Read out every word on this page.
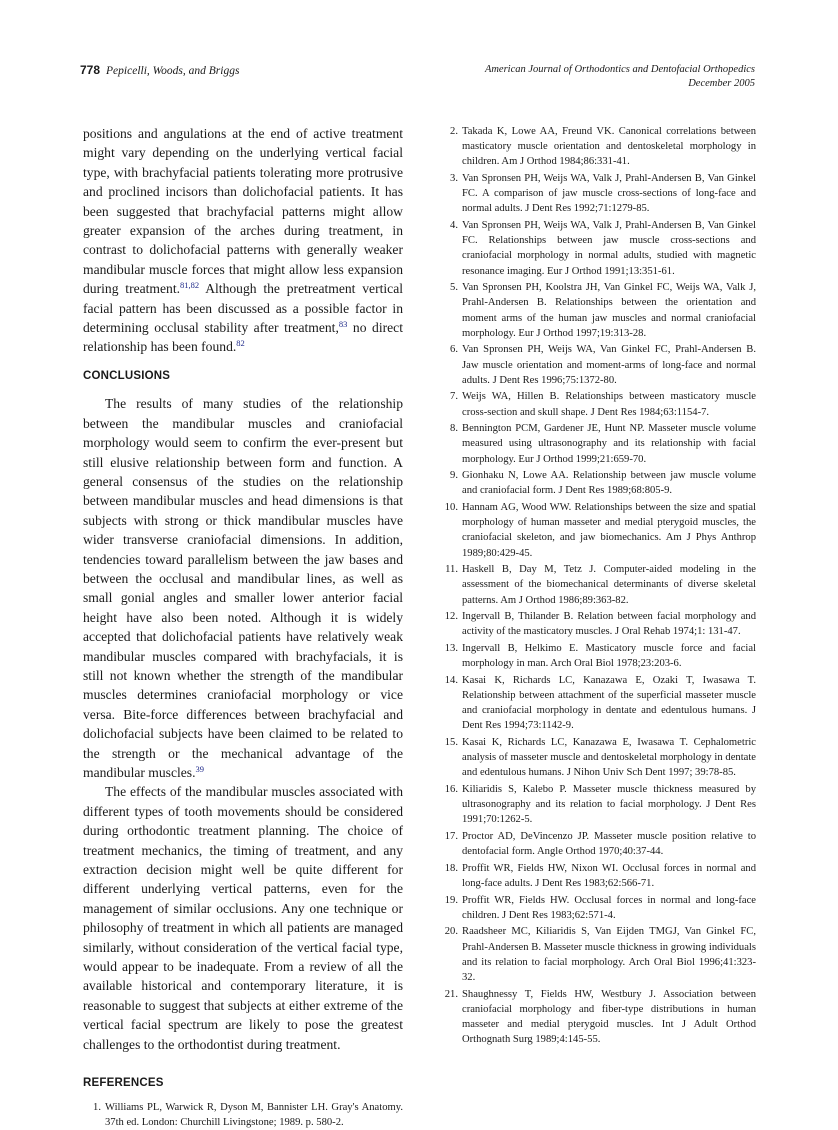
778 Pepicelli, Woods, and Briggs	American Journal of Orthodontics and Dentofacial Orthopedics
December 2005

positions and angulations at the end of active treatment might vary depending on the underlying vertical facial type, with brachyfacial patients tolerating more protrusive and proclined incisors than dolichofacial patients. It has been suggested that brachyfacial patterns might allow greater expansion of the arches during treatment, in contrast to dolichofacial patterns with generally weaker mandibular muscle forces that might allow less expansion during treatment.$^{81,82}$ Although the pretreatment vertical facial pattern has been discussed as a possible factor in determining occlusal stability after treatment,$^{83}$ no direct relationship has been found.$^{82}$

CONCLUSIONS

The results of many studies of the relationship between the mandibular muscles and craniofacial morphology would seem to confirm the ever-present but still elusive relationship between form and function. A general consensus of the studies on the relationship between mandibular muscles and head dimensions is that subjects with strong or thick mandibular muscles have wider transverse craniofacial dimensions. In addition, tendencies toward parallelism between the jaw bases and between the occlusal and mandibular lines, as well as small gonial angles and smaller lower anterior facial height have also been noted. Although it is widely accepted that dolichofacial patients have relatively weak mandibular muscles compared with brachyfacials, it is still not known whether the strength of the mandibular muscles determines craniofacial morphology or vice versa. Bite-force differences between brachyfacial and dolichofacial subjects have been claimed to be related to the strength or the mechanical advantage of the mandibular muscles.$^{39}$

The effects of the mandibular muscles associated with different types of tooth movements should be considered during orthodontic treatment planning. The choice of treatment mechanics, the timing of treatment, and any extraction decision might well be quite different for different underlying vertical patterns, even for the management of similar occlusions. Any one technique or philosophy of treatment in which all patients are managed similarly, without consideration of the vertical facial type, would appear to be inadequate. From a review of all the available historical and contemporary literature, it is reasonable to suggest that subjects at either extreme of the vertical facial spectrum are likely to pose the greatest challenges to the orthodontist during treatment.

REFERENCES
1. Williams PL, Warwick R, Dyson M, Bannister LH. Gray's Anatomy. 37th ed. London: Churchill Livingstone; 1989. p. 580-2.
2. Takada K, Lowe AA, Freund VK. Canonical correlations between masticatory muscle orientation and dentoskeletal morphology in children. Am J Orthod 1984;86:331-41.
3. Van Spronsen PH, Weijs WA, Valk J, Prahl-Andersen B, Van Ginkel FC. A comparison of jaw muscle cross-sections of long-face and normal adults. J Dent Res 1992;71:1279-85.
4. Van Spronsen PH, Weijs WA, Valk J, Prahl-Andersen B, Van Ginkel FC. Relationships between jaw muscle cross-sections and craniofacial morphology in normal adults, studied with magnetic resonance imaging. Eur J Orthod 1991;13:351-61.
5. Van Spronsen PH, Koolstra JH, Van Ginkel FC, Weijs WA, Valk J, Prahl-Andersen B. Relationships between the orientation and moment arms of the human jaw muscles and normal craniofacial morphology. Eur J Orthod 1997;19:313-28.
6. Van Spronsen PH, Weijs WA, Van Ginkel FC, Prahl-Andersen B. Jaw muscle orientation and moment-arms of long-face and normal adults. J Dent Res 1996;75:1372-80.
7. Weijs WA, Hillen B. Relationships between masticatory muscle cross-section and skull shape. J Dent Res 1984;63:1154-7.
8. Bennington PCM, Gardener JE, Hunt NP. Masseter muscle volume measured using ultrasonography and its relationship with facial morphology. Eur J Orthod 1999;21:659-70.
9. Gionhaku N, Lowe AA. Relationship between jaw muscle volume and craniofacial form. J Dent Res 1989;68:805-9.
10. Hannam AG, Wood WW. Relationships between the size and spatial morphology of human masseter and medial pterygoid muscles, the craniofacial skeleton, and jaw biomechanics. Am J Phys Anthrop 1989;80:429-45.
11. Haskell B, Day M, Tetz J. Computer-aided modeling in the assessment of the biomechanical determinants of diverse skeletal patterns. Am J Orthod 1986;89:363-82.
12. Ingervall B, Thilander B. Relation between facial morphology and activity of the masticatory muscles. J Oral Rehab 1974;1: 131-47.
13. Ingervall B, Helkimo E. Masticatory muscle force and facial morphology in man. Arch Oral Biol 1978;23:203-6.
14. Kasai K, Richards LC, Kanazawa E, Ozaki T, Iwasawa T. Relationship between attachment of the superficial masseter muscle and craniofacial morphology in dentate and edentulous humans. J Dent Res 1994;73:1142-9.
15. Kasai K, Richards LC, Kanazawa E, Iwasawa T. Cephalometric analysis of masseter muscle and dentoskeletal morphology in dentate and edentulous humans. J Nihon Univ Sch Dent 1997; 39:78-85.
16. Kiliaridis S, Kalebo P. Masseter muscle thickness measured by ultrasonography and its relation to facial morphology. J Dent Res 1991;70:1262-5.
17. Proctor AD, DeVincenzo JP. Masseter muscle position relative to dentofacial form. Angle Orthod 1970;40:37-44.
18. Proffit WR, Fields HW, Nixon WI. Occlusal forces in normal and long-face adults. J Dent Res 1983;62:566-71.
19. Proffit WR, Fields HW. Occlusal forces in normal and long-face children. J Dent Res 1983;62:571-4.
20. Raadsheer MC, Kiliaridis S, Van Eijden TMGJ, Van Ginkel FC, Prahl-Andersen B. Masseter muscle thickness in growing individuals and its relation to facial morphology. Arch Oral Biol 1996;41:323-32.
21. Shaughnessy T, Fields HW, Westbury J. Association between craniofacial morphology and fiber-type distributions in human masseter and medial pterygoid muscles. Int J Adult Orthod Orthognath Surg 1989;4:145-55.
